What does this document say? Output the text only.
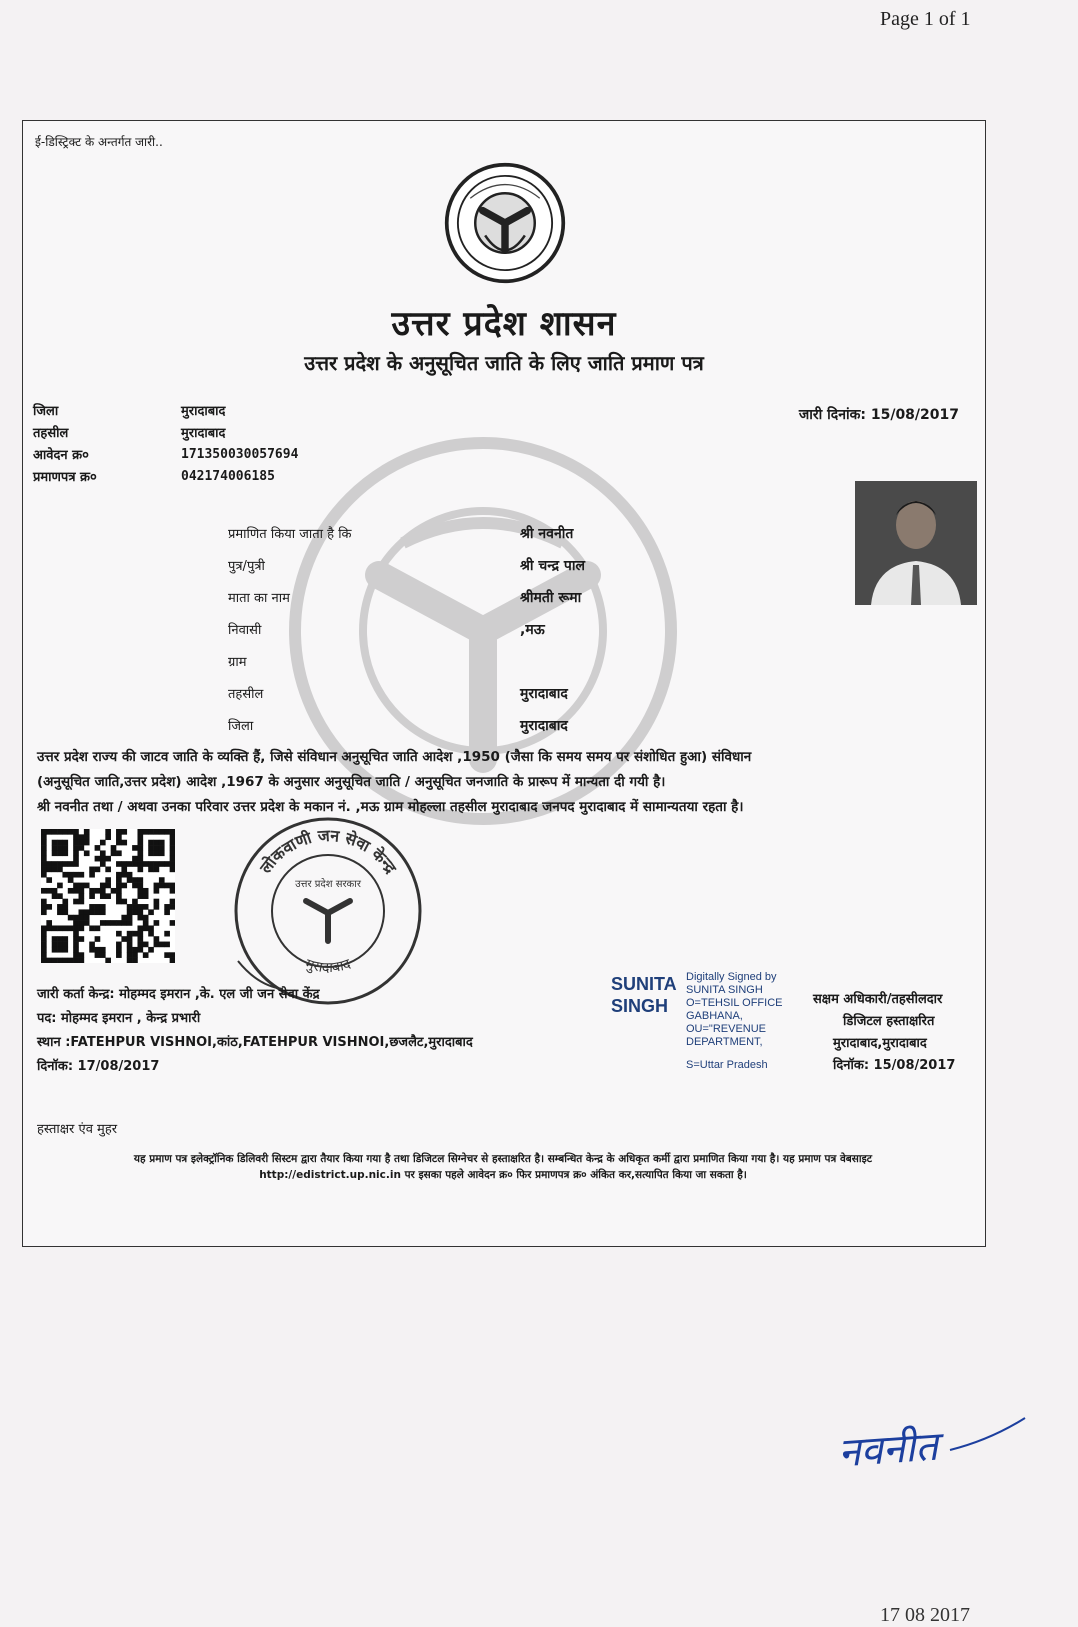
Page 1 of 1
ई-डिस्ट्रिक्ट के अन्तर्गत जारी..
उत्तर प्रदेश शासन
उत्तर प्रदेश के अनुसूचित जाति के लिए जाति प्रमाण पत्र
जिला	मुरादाबाद
तहसील	मुरादाबाद
आवेदन क्र०	171350030057694
प्रमाणपत्र क्र०	042174006185
जारी दिनांक: 15/08/2017
प्रमाणित किया जाता है कि	श्री नवनीत
पुत्र/पुत्री	श्री चन्द्र पाल
माता का नाम	श्रीमती रूमा
निवासी	,मऊ
ग्राम
तहसील	मुरादाबाद
जिला	मुरादाबाद
उत्तर प्रदेश राज्य की जाटव जाति के व्यक्ति हैं, जिसे संविधान अनुसूचित जाति आदेश ,1950 (जैसा कि समय समय पर संशोधित हुआ) संविधान
(अनुसूचित जाति,उत्तर प्रदेश) आदेश ,1967 के अनुसार अनुसूचित जाति / अनुसूचित जनजाति के प्रारूप में मान्यता दी गयी है।
श्री नवनीत तथा / अथवा उनका परिवार उत्तर प्रदेश के मकान नं. ,मऊ ग्राम मोहल्ला तहसील मुरादाबाद जनपद मुरादाबाद में सामान्यतया रहता है।
लोकवाणी जन सेवा केन्द्र
मुरादाबाद
उत्तर प्रदेश सरकार
जारी कर्ता केन्द्र: मोहम्मद इमरान ,के. एल जी जन सेवा केंद्र
पद: मोहम्मद इमरान , केन्द्र प्रभारी
स्थान :FATEHPUR VISHNOI,कांठ,FATEHPUR VISHNOI,छजलैट,मुरादाबाद
दिनॉक: 17/08/2017
SUNITA
SINGH
Digitally Signed by
SUNITA SINGH
O=TEHSIL OFFICE
GABHANA,
OU="REVENUE
DEPARTMENT,
S=Uttar Pradesh
सक्षम अधिकारी/तहसीलदार
डिजिटल हस्ताक्षरित
मुरादाबाद,मुरादाबाद
दिनॉक: 15/08/2017
हस्ताक्षर एंव मुहर
यह प्रमाण पत्र इलेक्ट्रॉनिक डिलिवरी सिस्टम द्वारा तैयार किया गया है तथा डिजिटल सिग्नेचर से हस्ताक्षरित है। सम्बन्धित केन्द्र के अधिकृत कर्मी द्वारा प्रमाणित किया गया है। यह प्रमाण पत्र वेबसाइट
http://edistrict.up.nic.in पर इसका पहले आवेदन क्र० फिर प्रमाणपत्र क्र० अंकित कर,सत्यापित किया जा सकता है।
नवनीत
17 08 2017
